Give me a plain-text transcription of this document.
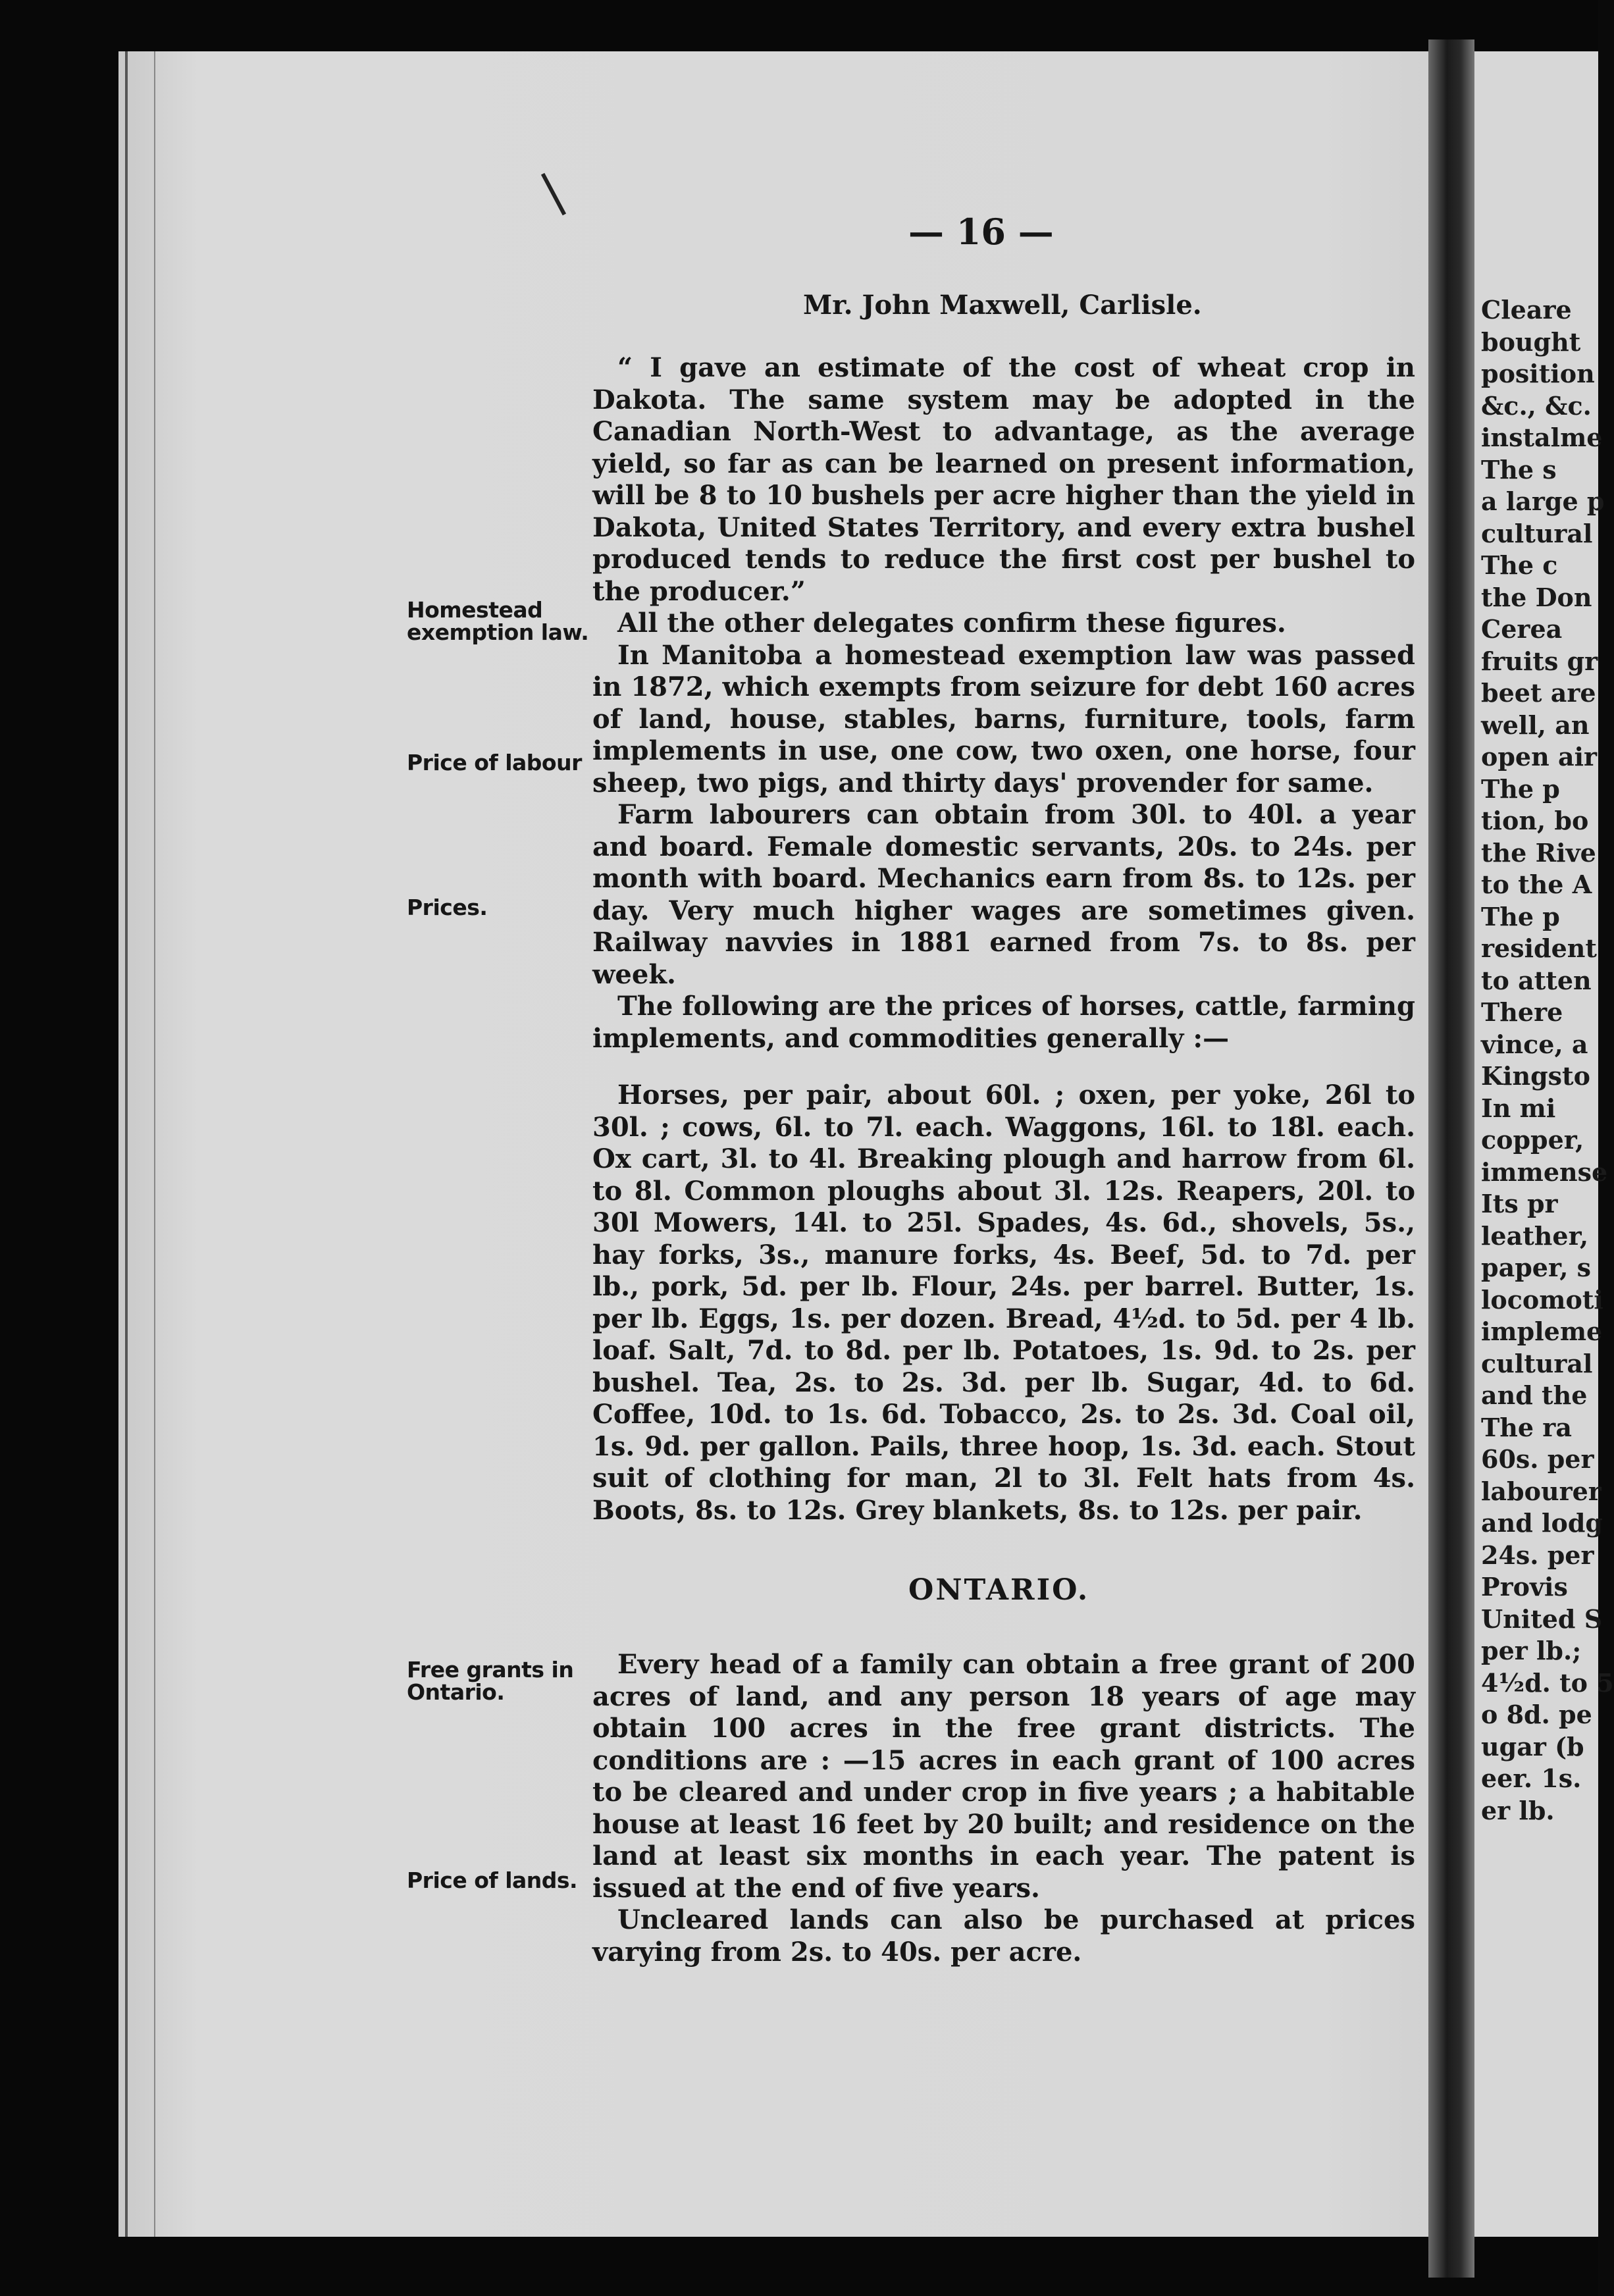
— 16 —
Mr. John Maxwell, Carlisle.

“ I gave an estimate of the cost of wheat crop in Dakota. The same system may be adopted in the Canadian North-West to advantage, as the average yield, so far as can be learned on present information, will be 8 to 10 bushels per acre higher than the yield in Dakota, United States Territory, and every extra bushel produced tends to reduce the first cost per bushel to the producer.”

All the other delegates confirm these figures.

In Manitoba a homestead exemption law was passed in 1872, which exempts from seizure for debt 160 acres of land, house, stables, barns, furniture, tools, farm implements in use, one cow, two oxen, one horse, four sheep, two pigs, and thirty days' provender for same.

Farm labourers can obtain from 30l. to 40l. a year and board. Female domestic servants, 20s. to 24s. per month with board. Mechanics earn from 8s. to 12s. per day. Very much higher wages are sometimes given. Railway navvies in 1881 earned from 7s. to 8s. per week.

The following are the prices of horses, cattle, farming implements, and commodities generally :—

Horses, per pair, about 60l. ; oxen, per yoke, 26l to 30l. ; cows, 6l. to 7l. each. Waggons, 16l. to 18l. each. Ox cart, 3l. to 4l. Breaking plough and harrow from 6l. to 8l. Common ploughs about 3l. 12s. Reapers, 20l. to 30l Mowers, 14l. to 25l. Spades, 4s. 6d., shovels, 5s., hay forks, 3s., manure forks, 4s. Beef, 5d. to 7d. per lb., pork, 5d. per lb. Flour, 24s. per barrel. Butter, 1s. per lb. Eggs, 1s. per dozen. Bread, 4½d. to 5d. per 4 lb. loaf. Salt, 7d. to 8d. per lb. Potatoes, 1s. 9d. to 2s. per bushel. Tea, 2s. to 2s. 3d. per lb. Sugar, 4d. to 6d. Coffee, 10d. to 1s. 6d. Tobacco, 2s. to 2s. 3d. Coal oil, 1s. 9d. per gallon. Pails, three hoop, 1s. 3d. each. Stout suit of clothing for man, 2l to 3l. Felt hats from 4s. Boots, 8s. to 12s. Grey blankets, 8s. to 12s. per pair.

Homestead exemption law.
Price of labour
Prices.
ONTARIO.

Every head of a family can obtain a free grant of 200 acres of land, and any person 18 years of age may obtain 100 acres in the free grant districts. The conditions are : —15 acres in each grant of 100 acres to be cleared and under crop in five years ; a habitable house at least 16 feet by 20 built; and residence on the land at least six months in each year. The patent is issued at the end of five years.

Uncleared lands can also be purchased at prices varying from 2s. to 40s. per acre.

Free grants in Ontario.
Price of lands.
Cleare
bought
position
&c., &c.
instalme
The s
a large p
cultural
The c
the Don
Cerea
fruits gr
beet are
well, an
open air
The p
tion, bo
the Rive
to the A
The p
resident
to atten
There
vince, a
Kingsto
In mi
copper,
immense
Its pr
leather,
paper, s
locomoti
impleme
cultural
and the
The ra
60s. per
labourer
and lodg
24s. per
Provis
United S
per lb.;
4½d. to 5
o 8d. pe
ugar (b
eer. 1s.
er lb.
